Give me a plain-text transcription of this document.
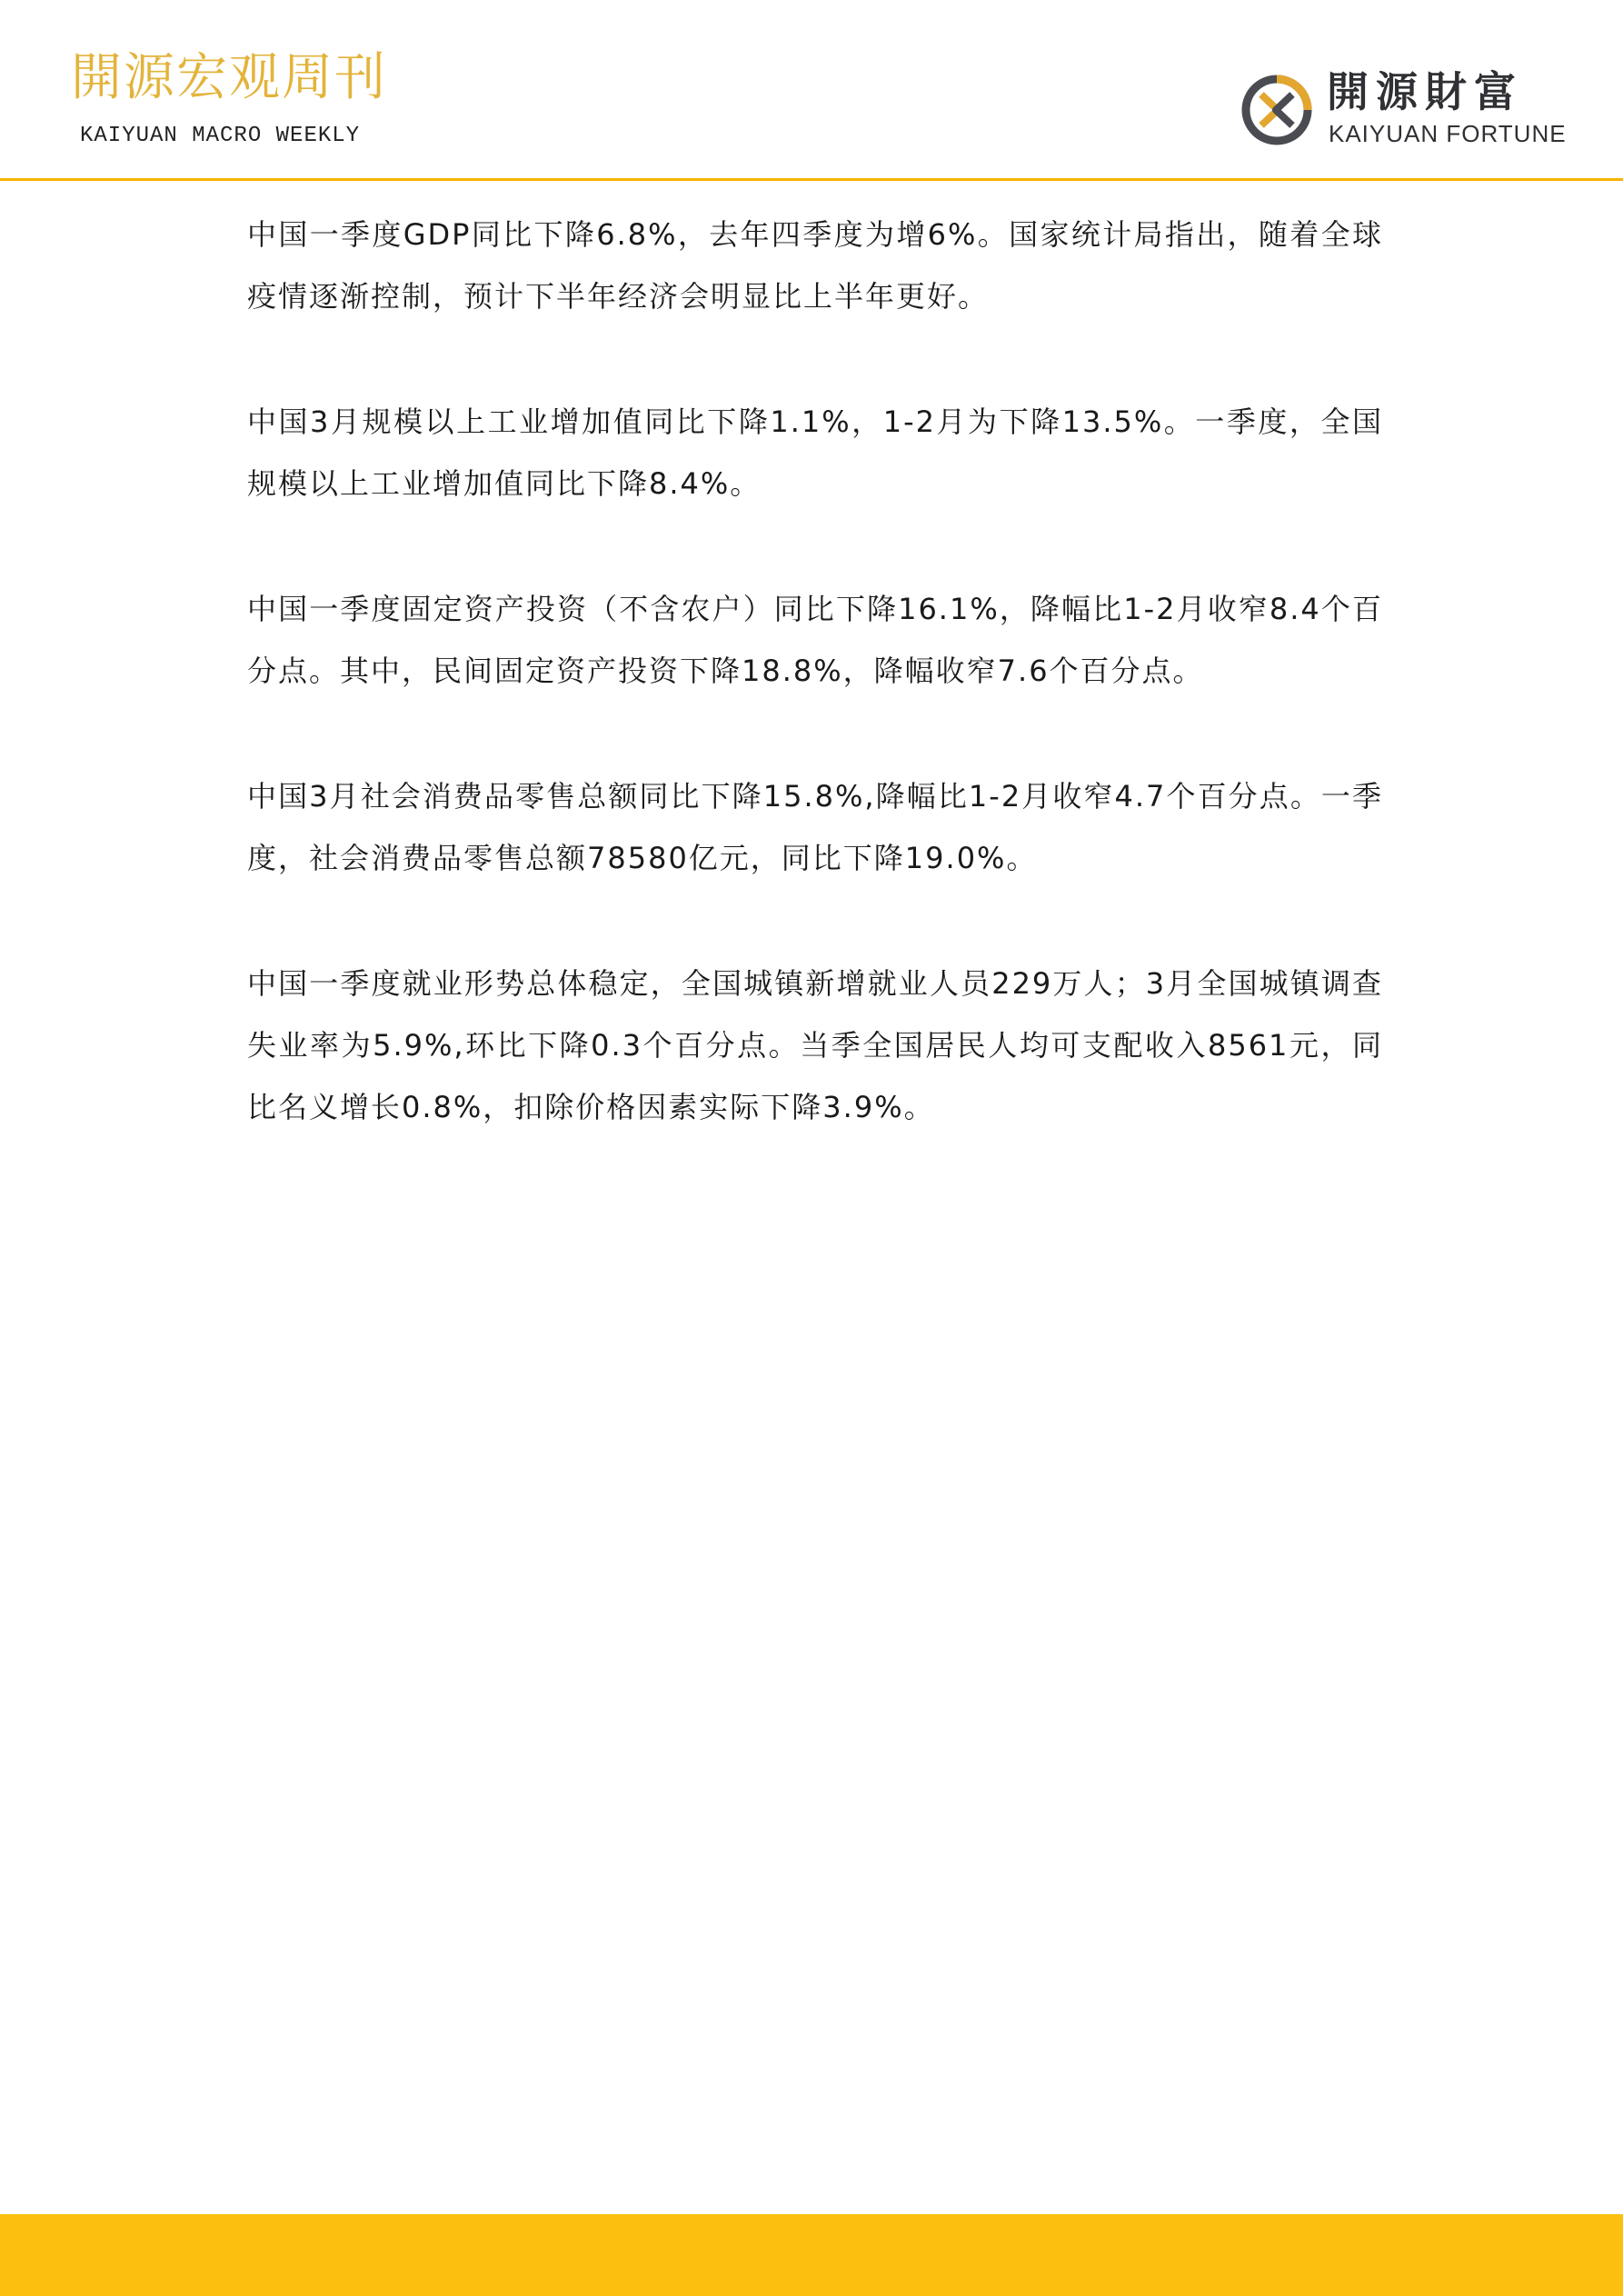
開源宏观周刊
KAIYUAN MACRO WEEKLY
開源財富
KAIYUAN FORTUNE

中国一季度GDP同比下降6.8%，去年四季度为增6%。国家统计局指出，随着全球疫情逐渐控制，预计下半年经济会明显比上半年更好。

中国3月规模以上工业增加值同比下降1.1%，1-2月为下降13.5%。一季度，全国规模以上工业增加值同比下降8.4%。

中国一季度固定资产投资（不含农户）同比下降16.1%，降幅比1-2月收窄8.4个百分点。其中，民间固定资产投资下降18.8%，降幅收窄7.6个百分点。

中国3月社会消费品零售总额同比下降15.8%,降幅比1-2月收窄4.7个百分点。一季度，社会消费品零售总额78580亿元，同比下降19.0%。

中国一季度就业形势总体稳定，全国城镇新增就业人员229万人；3月全国城镇调查失业率为5.9%,环比下降0.3个百分点。当季全国居民人均可支配收入8561元，同比名义增长0.8%，扣除价格因素实际下降3.9%。
